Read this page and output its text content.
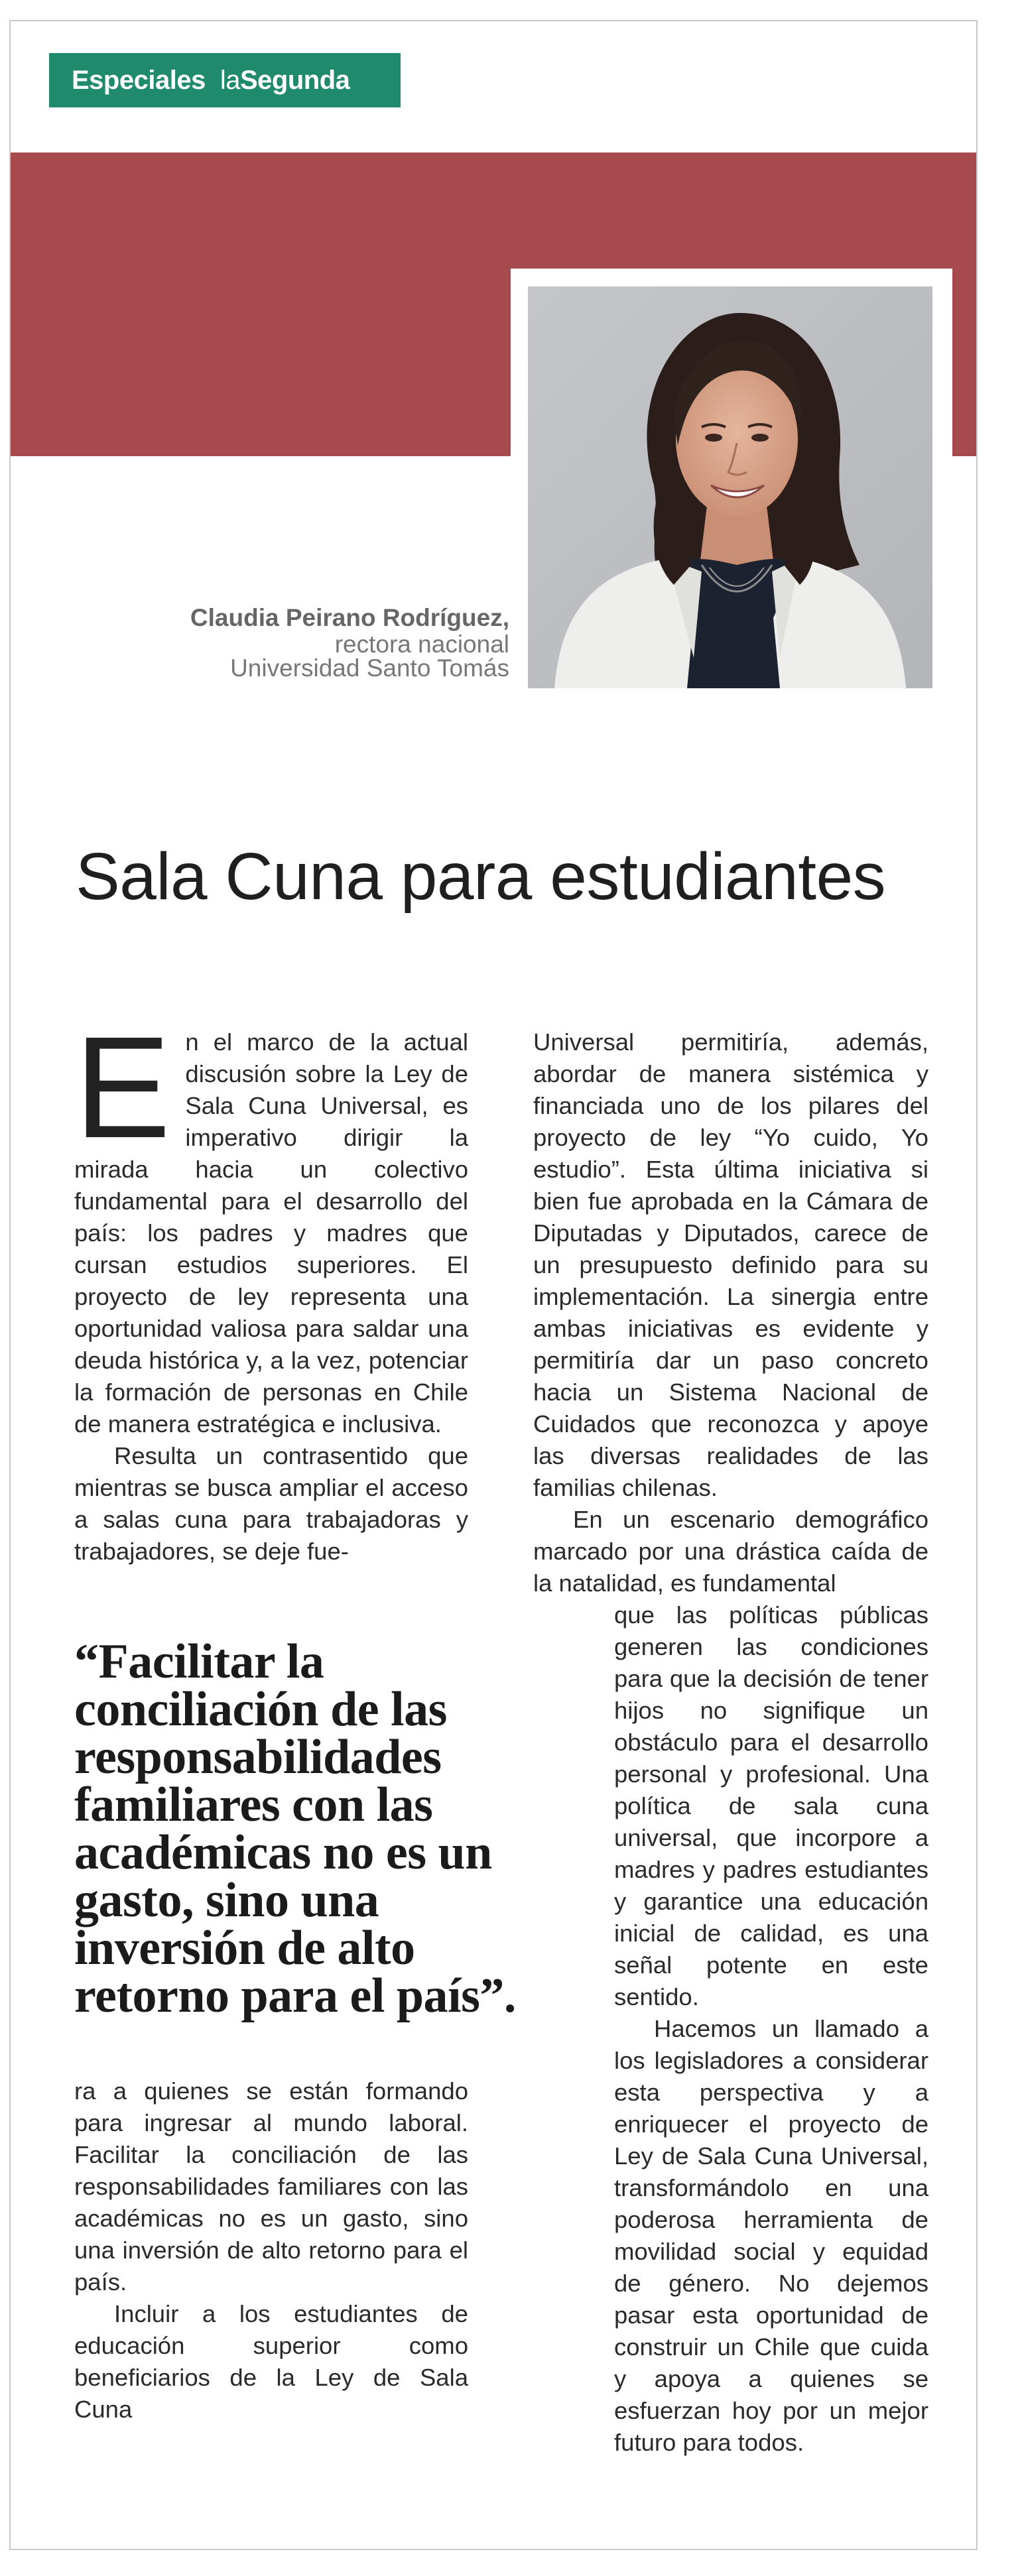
Especiales laSegunda
Claudia Peirano Rodríguez,
rectora nacional
Universidad Santo Tomás
Sala Cuna para estudiantes

En el marco de la actual discusión sobre la Ley de Sala Cuna Universal, es imperativo dirigir la mirada hacia un colectivo fundamental para el desarrollo del país: los padres y madres que cursan estudios superiores. El proyecto de ley representa una oportunidad valiosa para saldar una deuda histórica y, a la vez, potenciar la formación de personas en Chile de manera estratégica e inclusiva.

Resulta un contrasentido que mientras se busca ampliar el acceso a salas cuna para trabajadoras y trabajadores, se deje fue-

“Facilitar la conciliación de las responsabilidades familiares con las académicas no es un gasto, sino una inversión de alto retorno para el país”.

ra a quienes se están formando para ingresar al mundo laboral. Facilitar la conciliación de las responsabilidades familiares con las académicas no es un gasto, sino una inversión de alto retorno para el país.

Incluir a los estudiantes de educación superior como beneficiarios de la Ley de Sala Cuna

Universal permitiría, además, abordar de manera sistémica y financiada uno de los pilares del proyecto de ley “Yo cuido, Yo estudio”. Esta última iniciativa si bien fue aprobada en la Cámara de Diputadas y Diputados, carece de un presupuesto definido para su implementación. La sinergia entre ambas iniciativas es evidente y permitiría dar un paso concreto hacia un Sistema Nacional de Cuidados que reconozca y apoye las diversas realidades de las familias chilenas.

En un escenario demográfico marcado por una drástica caída de la natalidad, es fundamental

que las políticas públicas generen las condiciones para que la decisión de tener hijos no signifique un obstáculo para el desarrollo personal y profesional. Una política de sala cuna universal, que incorpore a madres y padres estudiantes y garantice una educación inicial de calidad, es una señal potente en este sentido.

Hacemos un llamado a los legisladores a considerar esta perspectiva y a enriquecer el proyecto de Ley de Sala Cuna Universal, transformándolo en una poderosa herramienta de movilidad social y equidad de género. No dejemos pasar esta oportunidad de construir un Chile que cuida y apoya a quienes se esfuerzan hoy por un mejor futuro para todos.
